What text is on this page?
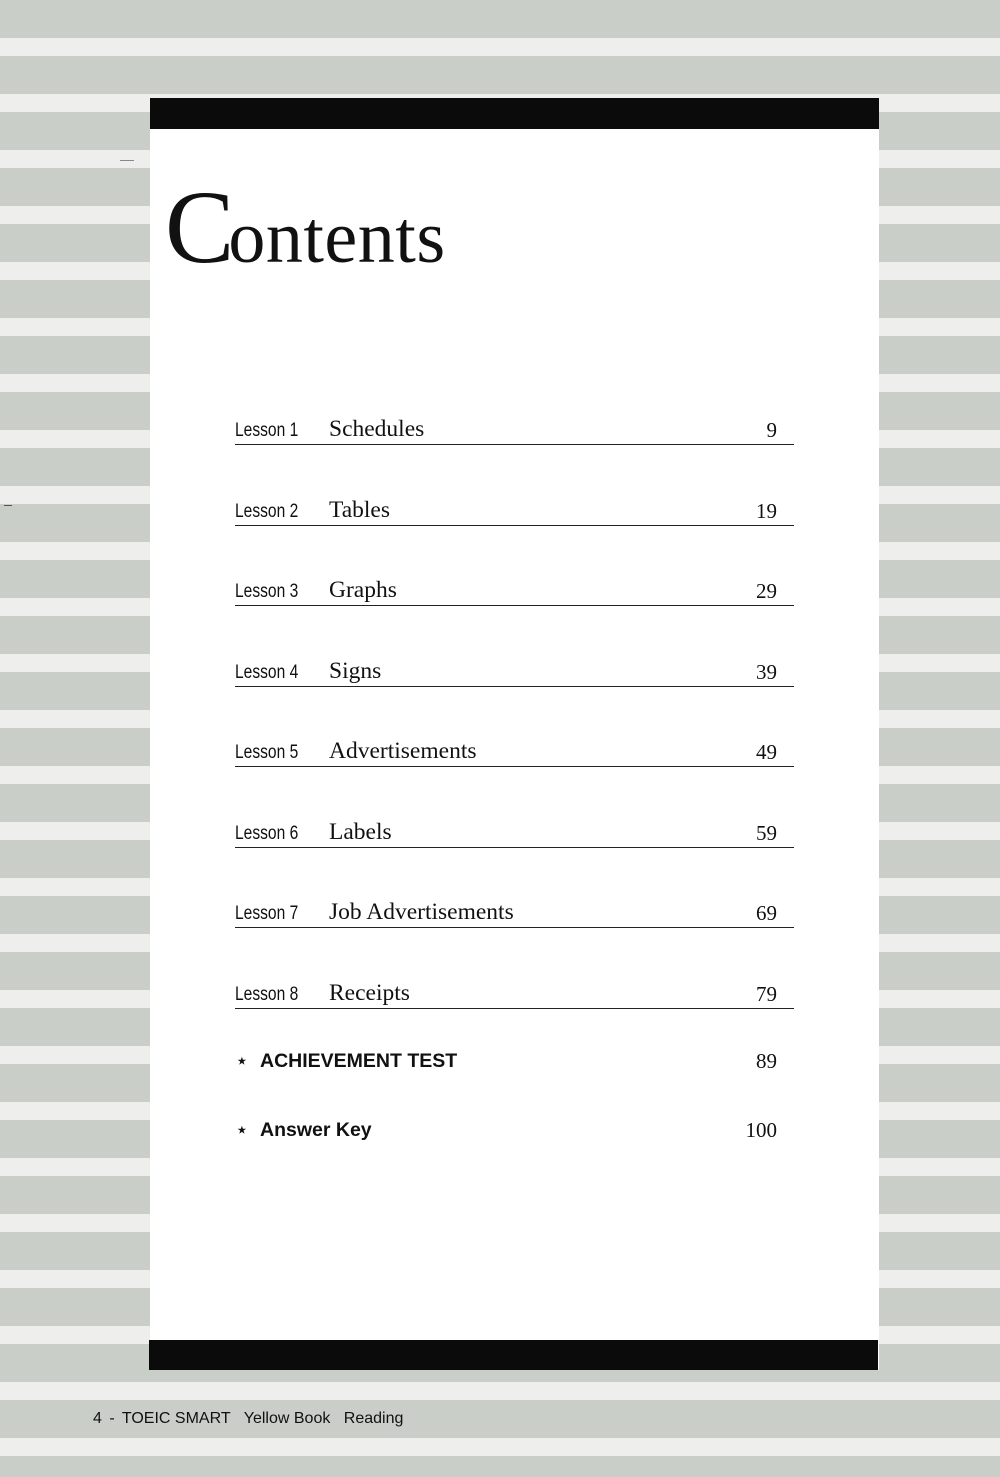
Contents
Lesson 1 Schedules	9
Lesson 2 Tables	19
Lesson 3 Graphs	29
Lesson 4 Signs	39
Lesson 5 Advertisements	49
Lesson 6 Labels	59
Lesson 7 Job Advertisements	69
Lesson 8 Receipts	79
⋆ ACHIEVEMENT TEST	89
⋆ Answer Key	100
4 - TOEIC SMART Yellow Book Reading
